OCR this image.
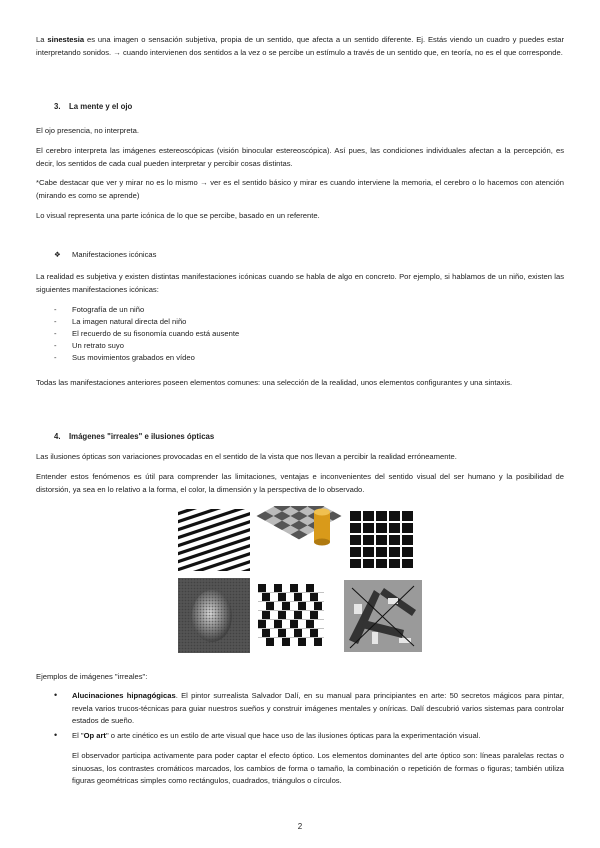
La sinestesia es una imagen o sensación subjetiva, propia de un sentido, que afecta a un sentido diferente. Ej. Estás viendo un cuadro y puedes estar interpretando sonidos. → cuando intervienen dos sentidos a la vez o se percibe un estímulo a través de un sentido que, en teoría, no es el que corresponde.

3. La mente y el ojo

El ojo presencia, no interpreta.

El cerebro interpreta las imágenes estereoscópicas (visión binocular estereoscópica). Así pues, las condiciones individuales afectan a la percepción, es decir, los sentidos de cada cual pueden interpretar y percibir cosas distintas.

*Cabe destacar que ver y mirar no es lo mismo → ver es el sentido básico y mirar es cuando interviene la memoria, el cerebro o lo hacemos con atención (mirando es como se aprende)

Lo visual representa una parte icónica de lo que se percibe, basado en un referente.

❖ Manifestaciones icónicas

La realidad es subjetiva y existen distintas manifestaciones icónicas cuando se habla de algo en concreto. Por ejemplo, si hablamos de un niño, existen las siguientes manifestaciones icónicas:

- Fotografía de un niño
- La imagen natural directa del niño
- El recuerdo de su fisonomía cuando está ausente
- Un retrato suyo
- Sus movimientos grabados en vídeo

Todas las manifestaciones anteriores poseen elementos comunes: una selección de la realidad, unos elementos configurantes y una sintaxis.

4. Imágenes "irreales" e ilusiones ópticas

Las ilusiones ópticas son variaciones provocadas en el sentido de la vista que nos llevan a percibir la realidad erróneamente.

Entender estos fenómenos es útil para comprender las limitaciones, ventajas e inconvenientes del sentido visual del ser humano y la posibilidad de distorsión, ya sea en lo relativo a la forma, el color, la dimensión y la perspectiva de lo observado.

Ejemplos de imágenes "irreales":

• Alucinaciones hipnagógicas. El pintor surrealista Salvador Dalí, en su manual para principiantes en arte: 50 secretos mágicos para pintar, revela varios trucos-técnicas para guiar nuestros sueños y construir imágenes mentales y oníricas. Dalí descubrió varios sistemas para controlar estados de sueño.

• El "Op art" o arte cinético es un estilo de arte visual que hace uso de las ilusiones ópticas para la experimentación visual.

El observador participa activamente para poder captar el efecto óptico. Los elementos dominantes del arte óptico son: líneas paralelas rectas o sinuosas, los contrastes cromáticos marcados, los cambios de forma o tamaño, la combinación o repetición de formas o figuras; también utiliza figuras geométricas simples como rectángulos, cuadrados, triángulos o círculos.

2
